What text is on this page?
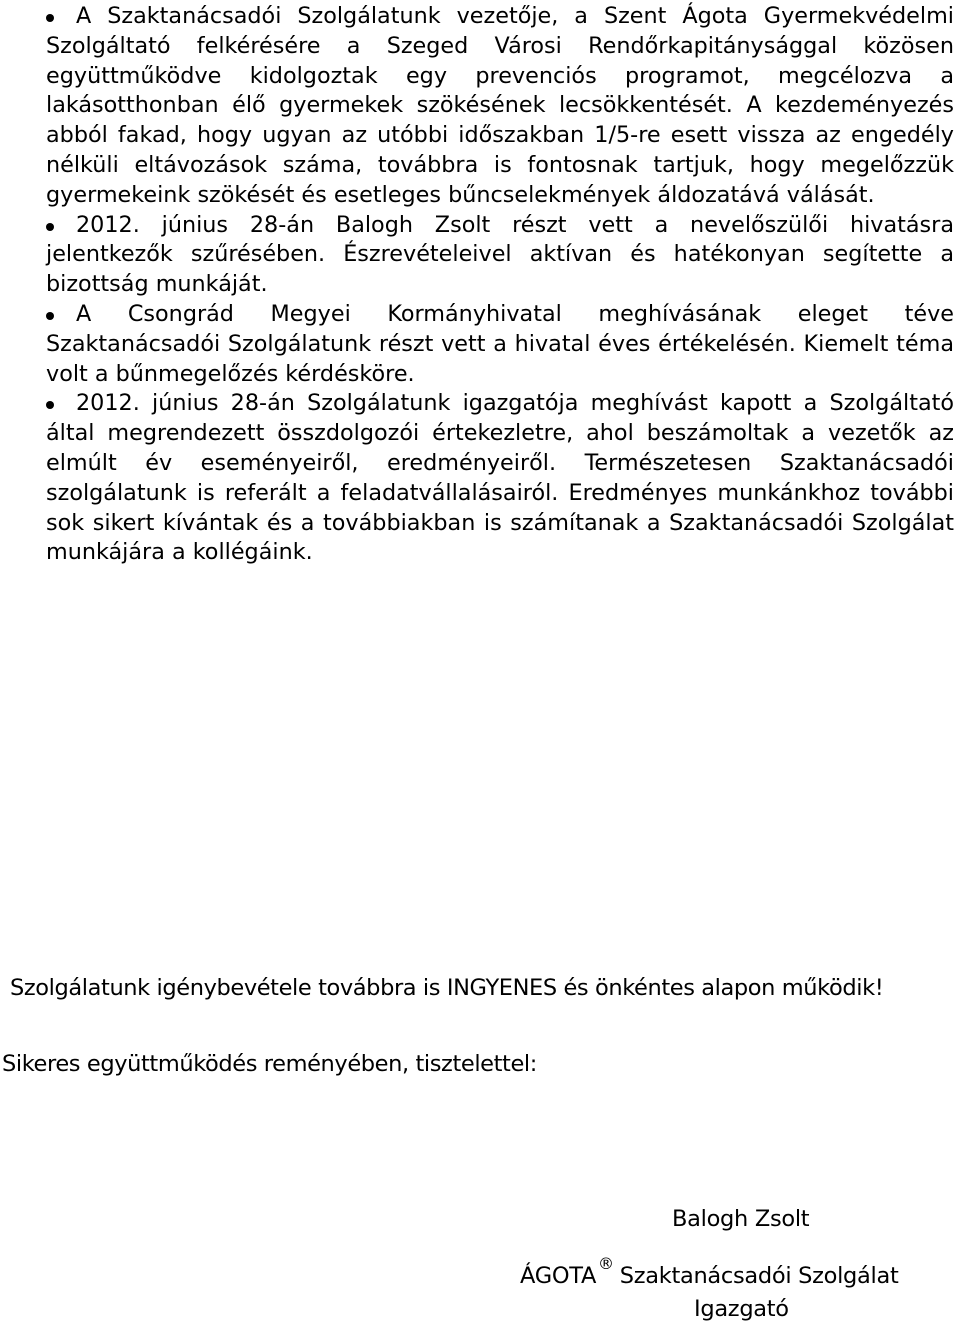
A Szaktanácsadói Szolgálatunk vezetője, a Szent Ágota Gyermekvédelmi Szolgáltató felkérésére a Szeged Városi Rendőrkapitánysággal közösen együttműködve kidolgoztak egy prevenciós programot, megcélozva a lakásotthonban élő gyermekek szökésének lecsökkentését. A kezdeményezés abból fakad, hogy ugyan az utóbbi időszakban 1/5-re esett vissza az engedély nélküli eltávozások száma, továbbra is fontosnak tartjuk, hogy megelőzzük gyermekeink szökését és esetleges bűncselekmények áldozatává válását.
2012. június 28-án Balogh Zsolt részt vett a nevelőszülői hivatásra jelentkezők szűrésében. Észrevételeivel aktívan és hatékonyan segítette a bizottság munkáját.
A Csongrád Megyei Kormányhivatal meghívásának eleget téve Szaktanácsadói Szolgálatunk részt vett a hivatal éves értékelésén. Kiemelt téma volt a bűnmegelőzés kérdésköre.
2012. június 28-án Szolgálatunk igazgatója meghívást kapott a Szolgáltató által megrendezett összdolgozói értekezletre, ahol beszámoltak a vezetők az elmúlt év eseményeiről, eredményeiről. Természetesen Szaktanácsadói szolgálatunk is referált a feladatvállalásairól. Eredményes munkánkhoz további sok sikert kívántak és a továbbiakban is számítanak a Szaktanácsadói Szolgálat munkájára a kollégáink.
Szolgálatunk igénybevétele továbbra is INGYENES és önkéntes alapon működik!
Sikeres együttműködés reményében, tisztelettel:
Balogh Zsolt
ÁGOTA ® Szaktanácsadói Szolgálat
Igazgató
